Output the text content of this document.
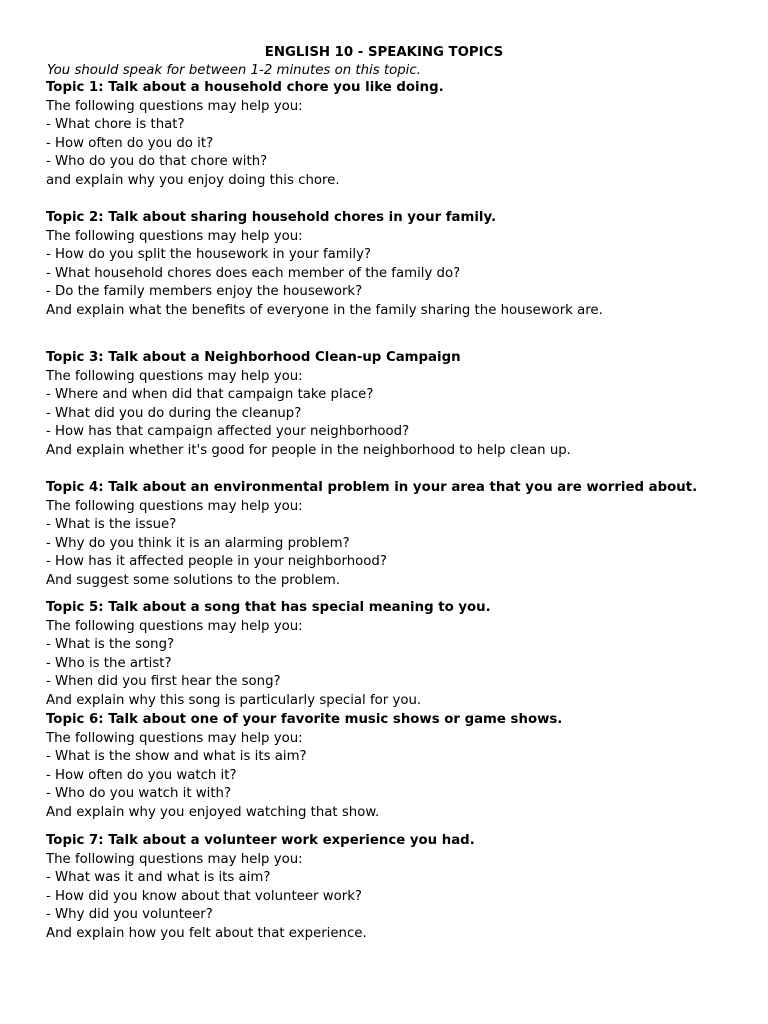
ENGLISH 10 - SPEAKING TOPICS
You should speak for between 1-2 minutes on this topic.
Topic 1: Talk about a household chore you like doing.
The following questions may help you:
- What chore is that?
- How often do you do it?
- Who do you do that chore with?
and explain why you enjoy doing this chore.
Topic 2: Talk about sharing household chores in your family.
The following questions may help you:
- How do you split the housework in your family?
- What household chores does each member of the family do?
- Do the family members enjoy the housework?
And explain what the benefits of everyone in the family sharing the housework are.
Topic 3: Talk about a Neighborhood Clean-up Campaign
The following questions may help you:
- Where and when did that campaign take place?
- What did you do during the cleanup?
- How has that campaign affected your neighborhood?
And explain whether it's good for people in the neighborhood to help clean up.
Topic 4: Talk about an environmental problem in your area that you are worried about.
The following questions may help you:
- What is the issue?
- Why do you think it is an alarming problem?
- How has it affected people in your neighborhood?
And suggest some solutions to the problem.
Topic 5: Talk about a song that has special meaning to you.
The following questions may help you:
- What is the song?
- Who is the artist?
- When did you first hear the song?
And explain why this song is particularly special for you.
Topic 6: Talk about one of your favorite music shows or game shows.
The following questions may help you:
- What is the show and what is its aim?
- How often do you watch it?
- Who do you watch it with?
And explain why you enjoyed watching that show.
Topic 7: Talk about a volunteer work experience you had.
The following questions may help you:
- What was it and what is its aim?
- How did you know about that volunteer work?
- Why did you volunteer?
And explain how you felt about that experience.
